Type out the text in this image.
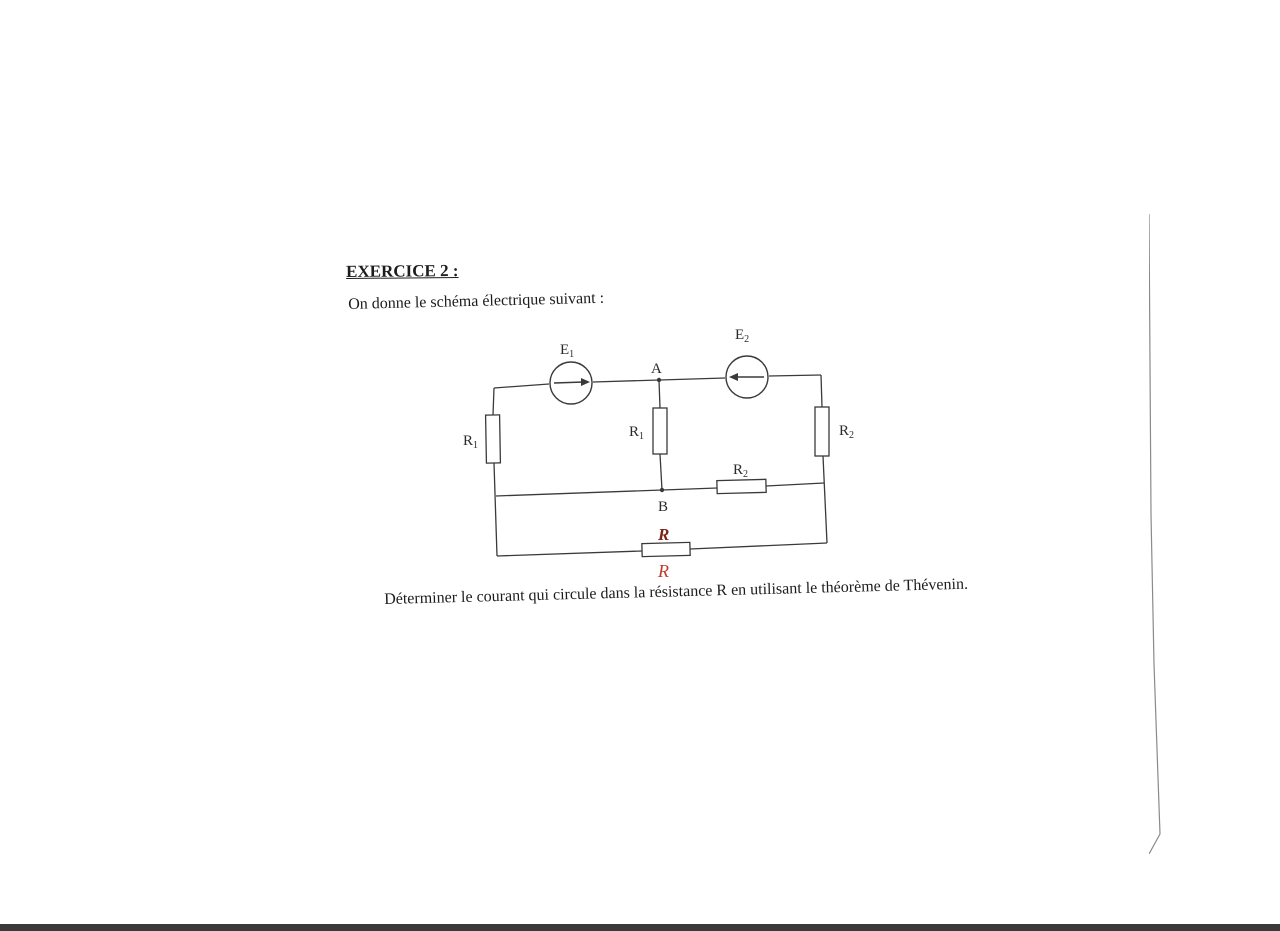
EXERCICE 2 :

On donne le schéma électrique suivant :

$E_1$
$E_2$
A
B
$R_1$
$R_1$	$R_2$
$R_2$
R
R

Déterminer le courant qui circule dans la résistance R en utilisant le théorème de Thévenin.
